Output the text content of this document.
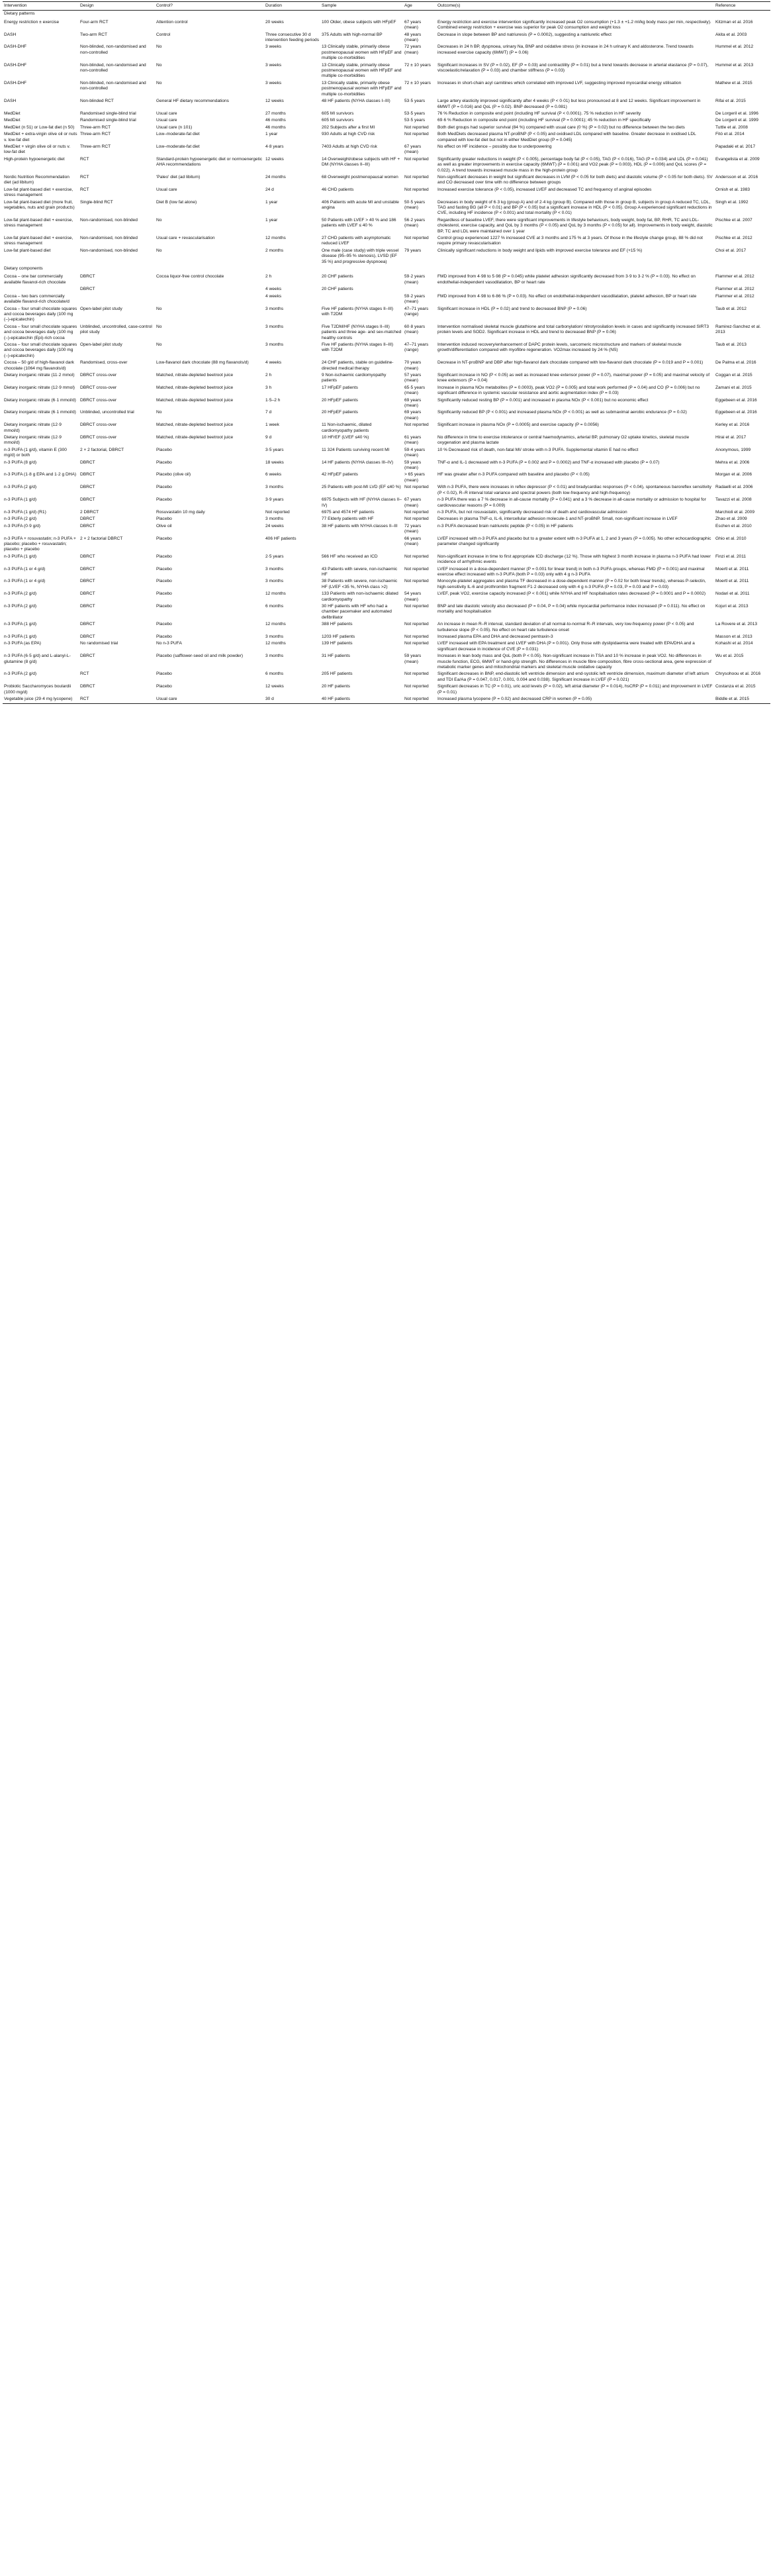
Intervention	Design	Control?	Duration	Sample	Age	Outcome(s)	Reference
Dietary patterns							
Energy restriction ± exercise	Four-arm RCT	Attention control	20 weeks	100 Older, obese subjects with HFpEF	67 years (mean)	Energy restriction and exercise intervention significantly increased peak O2 consumption (+1.3 ± +1.2 ml/kg body mass per min, respectively). Combined energy restriction + exercise was superior for peak O2 consumption and weight loss	Kitzman et al. 2016
DASH	Two-arm RCT	Control	Three consecutive 30 d intervention feeding periods	375 Adults with high-normal BP	48 years (mean)	Decrease in slope between BP and natriuresis (P = 0.0002), suggesting a natriuretic effect	Akita et al. 2003
DASH-DHF	Non-blinded, non-randomised and non-controlled	No	3 weeks	13 Clinically stable, primarily obese postmenopausal women with HFpEF and multiple co-morbidities	72 years (mean)	Decreases in 24 h BP, dyspnoea, urinary Na, BNP and oxidative stress (in increase in 24 h urinary K and aldosterone. Trend towards increased exercise capacity (6MWT) (P = 0.06)	Hummel et al. 2012
DASH-DHF	Non-blinded, non-randomised and non-controlled	No	3 weeks	13 Clinically stable, primarily obese postmenopausal women with HFpEF and multiple co-morbidities	72 ± 10 years	Significant increases in SV (P = 0.02), EF (P = 0.03) and contractility (P = 0.01) but a trend towards decrease in arterial elastance (P = 0.07), viscoelastic/relaxation (P = 0.03) and chamber stiffness (P = 0.03)	Hummel et al. 2013
DASH-DHF	Non-blinded, non-randomised and non-controlled	No	3 weeks	13 Clinically stable, primarily obese postmenopausal women with HFpEF and multiple co-morbidities	72 ± 10 years	Increases in short-chain acyl carnitines which correlated with improved LVF, suggesting improved myocardial energy utilisation	Mathew et al. 2015
DASH	Non-blinded RCT	General HF dietary recommendations	12 weeks	48 HF patients (NYHA classes I–III)	53·5 years	Large artery elasticity improved significantly after 4 weeks (P < 0·01) but less pronounced at 8 and 12 weeks. Significant improvement in 6MWT (P = 0.016) and QoL (P = 0.02). BNP decreased (P = 0.081)	Rifai et al. 2015
MedDiet	Randomised single-blind trial	Usual care	27 months	605 MI survivors	53·5 years	76 % Reduction in composite end point (including HF survival (P < 0.0001). 75 % reduction in HF severity	De Lorgeril et al. 1996
MedDiet	Randomised single-blind trial	Usual care	46 months	605 MI survivors	53·5 years	69·6 % Reduction in composite end point (including HF survival (P = 0.0001); 45 % reduction in HF specifically	De Lorgeril et al. 1999
MedDiet (n 51) or Low-fat diet (n 50)	Three-arm RCT	Usual care (n 101)	46 months	202 Subjects after a first MI	Not reported	Both diet groups had superior survival (84 %) compared with usual care (0 %) (P = 0.02) but no difference between the two diets	Tuttle et al. 2008
MedDiet + extra-virgin olive oil or nuts v. low-fat diet	Three-arm RCT	Low–moderate-fat diet	1 year	930 Adults at high CVD risk	Not reported	Both MedDiets decreased plasma NT-proBNP (P < 0.05) and oxidised LDL compared with baseline. Greater decrease in oxidised LDL compared with low-fat diet but not in either MedDiet group (P = 0.045)	Fitó et al. 2014
MedDiet + virgin olive oil or nuts v. low-fat diet	Three-arm RCT	Low–moderate-fat diet	4·8 years	7403 Adults at high CVD risk	67 years (mean)	No effect on HF incidence – possibly due to underpowering	Papadaki et al. 2017
High-protein hypoenergetic diet	RCT	Standard-protein hypoenergetic diet or normoenergetic AHA recommendations	12 weeks	14 Overweight/obese subjects with HF + DM (NYHA classes II–III)	Not reported	Significantly greater reductions in weight (P < 0.005), percentage body fat (P < 0.05), TAG (P < 0.016), TAG (P = 0.034) and LDL (P = 0.041) as well as greater improvements in exercise capacity (6MWT) (P = 0.001) and VO2 peak (P = 0.003), HDL (P = 0.006) and QoL scores (P = 0.022). A trend towards increased muscle mass in the high-protein group	Evangelista et al. 2009
Nordic Nutrition Recommendation diet (ad libitum)	RCT	'Paleo' diet (ad libitum)	24 months	68 Overweight postmenopausal women	Not reported	Non-significant decreases in weight but significant decreases in LVM (P < 0.05 for both diets) and diastolic volume (P < 0.05 for both diets). SV and CO decreased over time with no difference between groups	Andersson et al. 2016
Low-fat plant-based diet + exercise, stress management	RCT	Usual care	24 d	46 CHD patients	Not reported	Increased exercise tolerance (P < 0.05), increased LVEF and decreased TC and frequency of anginal episodes	Ornish et al. 1983
Low-fat plant-based diet (more fruit, vegetables, nuts and grain products)	Single-blind RCT	Diet B (low fat alone)	1 year	406 Patients with acute MI and unstable angina	50·5 years (mean)	Decreases in body weight of 6·3 kg (group A) and of 2·4 kg (group B). Compared with those in group B, subjects in group A reduced TC, LDL, TAG and fasting BG (all P < 0.01) and BP (P < 0.05) but a significant increase in HDL (P < 0.05). Group A experienced significant reductions in CVE, including HF incidence (P < 0.001) and total mortality (P < 0.01)	Singh et al. 1992
Low-fat plant-based diet + exercise, stress management	Non-randomised, non-blinded	No	1 year	50 Patients with LVEF > 40 % and 186 patients with LVEF ≤ 40 %	56·2 years (mean)	Regardless of baseline LVEF, there were significant improvements in lifestyle behaviours, body weight, body fat, BP, RHR, TC and LDL-cholesterol, exercise capacity, and QoL by 3 months (P < 0.05) and QoL by 3 months (P < 0.05) for all). Improvements in body weight, diastolic BP, TC and LDL were maintained over 1 year	Pischke et al. 2007
Low-fat plant-based diet + exercise, stress management	Non-randomised, non-blinded	Usual care + revascularisation	12 months	27 CHD patients with asymptomatic reduced LVEF	Not reported	Control group experienced 1227 % increased CVE at 3 months and 175 % at 3 years. Of those in the lifestyle change group, 88 % did not require primary revascularisation	Pischke et al. 2012
Low-fat plant-based diet	Non-randomised, non-blinded	No	2 months	One male (case study) with triple vessel disease (95–95 % stenosis), LVSD (EF 35 %) and progressive dyspnoea)	79 years	Clinically significant reductions in body weight and lipids with improved exercise tolerance and EF (+15 %)	Choi et al. 2017
Dietary components							
Cocoa – one bar commercially available flavanol-rich chocolate	DBRCT	Cocoa liquor-free control chocolate	2 h	20 CHF patients	59·2 years (mean)	FMD improved from 4·98 to 5·98 (P = 0.045) while platelet adhesion significantly decreased from 3·9 to 3·2 % (P = 0.03). No effect on endothelial-independent vasodilatation, BP or heart rate	Flammer et al. 2012
	DBRCT		4 weeks	20 CHF patients			Flammer et al. 2012
Cocoa – two bars commercially available flavanol-rich chocolate/d			4 weeks		59·2 years (mean)	FMD improved from 4·98 to 6·86 % (P = 0.03). No effect on endothelial-independent vasodilatation, platelet adhesion, BP or heart rate	Flammer et al. 2012
Cocoa – four small chocolate squares and cocoa beverages daily (100 mg (–)-epicatechin)	Open-label pilot study	No	3 months	Five HF patients (NYHA stages II–III) with T2DM	47–71 years (range)	Significant increase in HDL (P = 0.02) and trend to decreased BNP (P = 0.06)	Taub et al. 2012
Cocoa – four small chocolate squares and cocoa beverages daily (100 mg (–)-epicatechin (Epi)-rich cocoa	Unblinded, uncontrolled, case-control pilot study	No	3 months	Five T2DM/HF (NYHA stages II–III) patients and three age- and sex-matched healthy controls	60·8 years (mean)	Intervention normalised skeletal muscle glutathione and total carbonylation/ nitrotyrosilation levels in cases and significantly increased SIRT3 protein levels and SOD2. Significant increase in HDL and trend to decreased BNP (P = 0.06)	Ramirez-Sanchez et al. 2013
Cocoa – four small chocolate squares and cocoa beverages daily (100 mg (–)-epicatechin)	Open-label pilot study	No	3 months	Five HF patients (NYHA stages II–III) with T2DM	47–71 years (range)	Intervention induced recovery/enhancement of DAPC protein levels, sarcomeric microstructure and markers of skeletal muscle growth/differentiation compared with myofibre regeneration. VO2max increased by 24 % (NS)	Taub et al. 2013
Cocoa – 50 g/d of high-flavanol dark chocolate (1064 mg flavanols/d)	Randomised, cross-over	Low-flavanol dark chocolate (88 mg flavanols/d)	4 weeks	24 CHF patients, stable on guideline-directed medical therapy	70 years (mean)	Decrease in NT-proBNP and DBP after high-flavanol dark chocolate compared with low-flavanol dark chocolate (P = 0.019 and P = 0.001)	De Palma et al. 2016
Dietary inorganic nitrate (11·2 mmol)	DBRCT cross-over	Matched, nitrate-depleted beetroot juice	2 h	9 Non-ischaemic cardiomyopathy patients	57 years (mean)	Significant increase in NO (P < 0.05) as well as increased knee extensor power (P = 0.07), maximal power (P = 0.05) and maximal velocity of knee extensors (P = 0.04)	Coggan et al. 2015
Dietary inorganic nitrate (12·9 mmol)	DBRCT cross-over	Matched, nitrate-depleted beetroot juice	3 h	17 HFpEF patients	65·5 years (mean)	Increase in plasma NOx metabolites (P = 0.0003), peak VO2 (P = 0.005) and total work performed (P = 0.04) and CO (P = 0.006) but no significant difference in systemic vascular resistance and aortic augmentation index (P = 0.03)	Zamani et al. 2015
Dietary inorganic nitrate (6·1 mmol/d)	DBRCT cross-over	Matched, nitrate-depleted beetroot juice	1·5–2 h	20 HFpEF patients	69 years (mean)	Significantly reduced resting BP (P = 0.001) and increased in plasma NOx (P < 0.001) but no economic effect	Eggebeen et al. 2016
Dietary inorganic nitrate (6·1 mmol/d)	Unblinded, uncontrolled trial	No	7 d	20 HFpEF patients	69 years (mean)	Significantly reduced BP (P < 0.001) and increased plasma NOx (P < 0.001) as well as submaximal aerobic endurance (P = 0.02)	Eggebeen et al. 2016
Dietary inorganic nitrate (12·9 mmol/d)	DBRCT cross-over	Matched, nitrate-depleted beetroot juice	1 week	11 Non-ischaemic, dilated cardiomyopathy patients	Not reported	Significant increase in plasma NOx (P = 0.0005) and exercise capacity (P = 0.0056)	Kerley et al. 2016
Dietary inorganic nitrate (12·9 mmol/d)	DBRCT cross-over	Matched, nitrate-depleted beetroot juice	9 d	10 HFrEF (LVEF ≤40 %)	61 years (mean)	No difference in time to exercise intolerance or central haemodynamics, arterial BP, pulmonary O2 uptake kinetics, skeletal muscle oxygenation and plasma lactate	Hirai et al. 2017
n-3 PUFA (1 g/d), vitamin E (300 mg/d) or both	2 × 2 factorial, DBRCT	Placebo	3·5 years	11 324 Patients surviving recent MI	59·4 years (mean)	10 % Decreased risk of death, non-fatal MI/ stroke with n-3 PUFA. Supplemental vitamin E had no effect	Anonymous, 1999
n-3 PUFA (8 g/d)	DBRCT	Placebo	18 weeks	14 HF patients (NYHA classes III–IV)	59 years (mean)	TNF-α and IL-1 decreased with n-3 PUFA (P = 0.002 and P = 0.0002) and TNF-α increased with placebo (P = 0.07)	Mehra et al. 2006
n-3 PUFA (1·8 g EPA and 1·2 g DHA)	DBRCT	Placebo (olive oil)	6 weeks	42 HFpEF patients	> 65 years (mean)	HF was greater after n-3 PUFA compared with baseline and placebo (P < 0.05)	Morgan et al. 2006
n-3 PUFA (2 g/d)	DBRCT	Placebo	3 months	25 Patients with post-MI LVD (EF ≤40 %)	Not reported	With n-3 PUFA, there were increases in reflex depressor (P < 0.01) and bradycardiac responses (P < 0.04), spontaneous baroreflex sensitivity (P < 0.02), R–R interval total variance and spectral powers (both low-frequency and high-frequency)	Radaelli et al. 2006
n-3 PUFA (1 g/d)	DBRCT	Placebo	3·9 years	6975 Subjects with HF (NYHA classes II–IV)	67 years (mean)	n-3 PUFA there was a 7 % decrease in all-cause mortality (P = 0.041) and a 3 % decrease in all-cause mortality or admission to hospital for cardiovascular reasons (P = 0.009)	Tavazzi et al. 2008
n-3 PUFA (1 g/d) (R1)	2 DBRCT	Rosuvastatin 10 mg daily	Not reported	6975 and 4574 HF patients	Not reported	n-3 PUFA, but not rosuvastatin, significantly decreased risk of death and cardiovascular admission	Marchioli et al. 2009
n-3 PUFA (2 g/d)	DBRCT	Placebo	3 months	77 Elderly patients with HF	Not reported	Decreases in plasma TNF-α, IL-6, intercellular adhesion molecule-1 and NT-proBNP. Small, non-significant increase in LVEF	Zhao et al. 2009
n-3 PUFA (0·9 g/d)	DBRCT	Olive oil	24 weeks	38 HF patients with NYHA classes II–III	72 years (mean)	n-3 PUFA decreased brain natriuretic peptide (P < 0.05) in HF patients	Eschen et al. 2010
n-3 PUFA + rosuvastatin; n-3 PUFA + placebo; placebo + rosuvastatin; placebo + placebo	2 × 2 factorial DBRCT	Placebo	406 HF patients		66 years (mean)	LVEF increased with n-3 PUFA and placebo but to a greater extent with n-3 PUFA at 1, 2 and 3 years (P = 0.005). No other echocardiographic parameter changed significantly	Ghio et al. 2010
n-3 PUFA (1 g/d)	DBRCT	Placebo	2·5 years	566 HF who received an ICD	Not reported	Non-significant increase in time to first appropriate ICD discharge (12 %). Those with highest 3 month increase in plasma n-3 PUFA had lower incidence of arrhythmic events	Finzi et al. 2011
n-3 PUFA (1 or 4 g/d)	DBRCT	Placebo	3 months	43 Patients with severe, non-ischaemic HF	Not reported	LVEF increased in a dose-dependent manner (P = 0.001 for linear trend) in both n-3 PUFA groups, whereas FMD (P = 0.001) and maximal exercise effect increased with n-3 PUFA (both P = 0.03) only with 4 g n-3 PUFA	Moertl et al. 2011
n-3 PUFA (1 or 4 g/d)	DBRCT	Placebo	3 months	38 Patients with severe, non-ischaemic HF (LVEF <35 %, NYHA class >2)	Not reported	Monocyte-platelet aggregates and plasma TF decreased in a dose-dependent manner (P = 0.02 for both linear trends), whereas P-selectin, high-sensitivity IL-6 and prothrombin fragment F1·2 decreased only with 4 g n-3 PUFA (P = 0.03, P = 0.03 and P = 0.03)	Moertl et al. 2011
n-3 PUFA (2 g/d)	DBRCT	Placebo	12 months	133 Patients with non-ischaemic dilated cardiomyopathy	54 years (mean)	LVEF, peak VO2, exercise capacity increased (P < 0.001) while NYHA and HF hospitalisation rates decreased (P = 0.0001 and P = 0.0002)	Nodari et al. 2011
n-3 PUFA (2 g/d)	DBRCT	Placebo	6 months	30 HF patients with HF who had a chamber pacemaker and automated defibrillator	Not reported	BNP and late diastolic velocity also decreased (P = 0.04, P = 0.04) while myocardial performance index increased (P = 0.011). No effect on mortality and hospitalisation	Kojuri et al. 2013
n-3 PUFA (1 g/d)	DBRCT	Placebo	12 months	388 HF patients	Not reported	An increase in mean R–R interval, standard deviation of all normal-to-normal R–R intervals, very low-frequency power (P < 0.05) and turbulence slope (P < 0.05). No effect on heart rate turbulence onset	La Rovere et al. 2013
n-3 PUFA (1 g/d)	DBRCT	Placebo	3 months	1203 HF patients	Not reported	Increased plasma EPA and DHA and decreased pentraxin-3	Masson et al. 2013
n-3 PUFA (as EPA)	No randomised trial	No n-3 PUFA	12 months	139 HF patients	Not reported	LVEF increased with EPA treatment and LVEF with DHA (P = 0.001). Only those with dyslipidaemia were treated with EPA/DHA and a significant decrease in incidence of CVE (P = 0.031)	Kohashi et al. 2014
n-3 PUFA (6·5 g/d) and L-alanyl-L-glutamine (8 g/d)	DBRCT	Placebo (safflower-seed oil and milk powder)	3 months	31 HF patients	59 years (mean)	Increases in lean body mass and QoL (both P < 0.05). Non-significant increase in TSA and 10 % increase in peak VO2. No differences in muscle function, ECG, 6MWT or hand-grip strength. No differences in muscle fibre composition, fibre cross-sectional area, gene expression of metabolic marker genes and mitochondrial markers and skeletal muscle oxidative capacity	Wu et al. 2015
n-3 PUFA (2 g/d)	RCT	Placebo	6 months	205 HF patients	Not reported	Significant decreases in BNP, end-diastolic left ventricle dimension and end-systolic left ventricle dimension, maximum diameter of left atrium and TDI Ea/Aa (P = 0.047, 0.017, 0.001, 0.004 and 0.038). Significant increase in LVEF (P = 0.021)	Chrysohoou et al. 2016
Probiotic Saccharomyces boulardii (1000 mg/d)	DBRCT	Placebo	12 weeks	20 HF patients	Not reported	Significant decreases in TC (P = 0.01), uric acid levels (P = 0.02), left atrial diameter (P = 0.014), hsCRP (P = 0.011) and improvement in LVEF (P = 0.01)	Costanza et al. 2015
Vegetable juice (29·4 mg lycopene)	RCT	Usual care	30 d	40 HF patients	Not reported	Increased plasma lycopene (P = 0.02) and decreased CRP in women (P = 0.05)	Biddle et al. 2015
